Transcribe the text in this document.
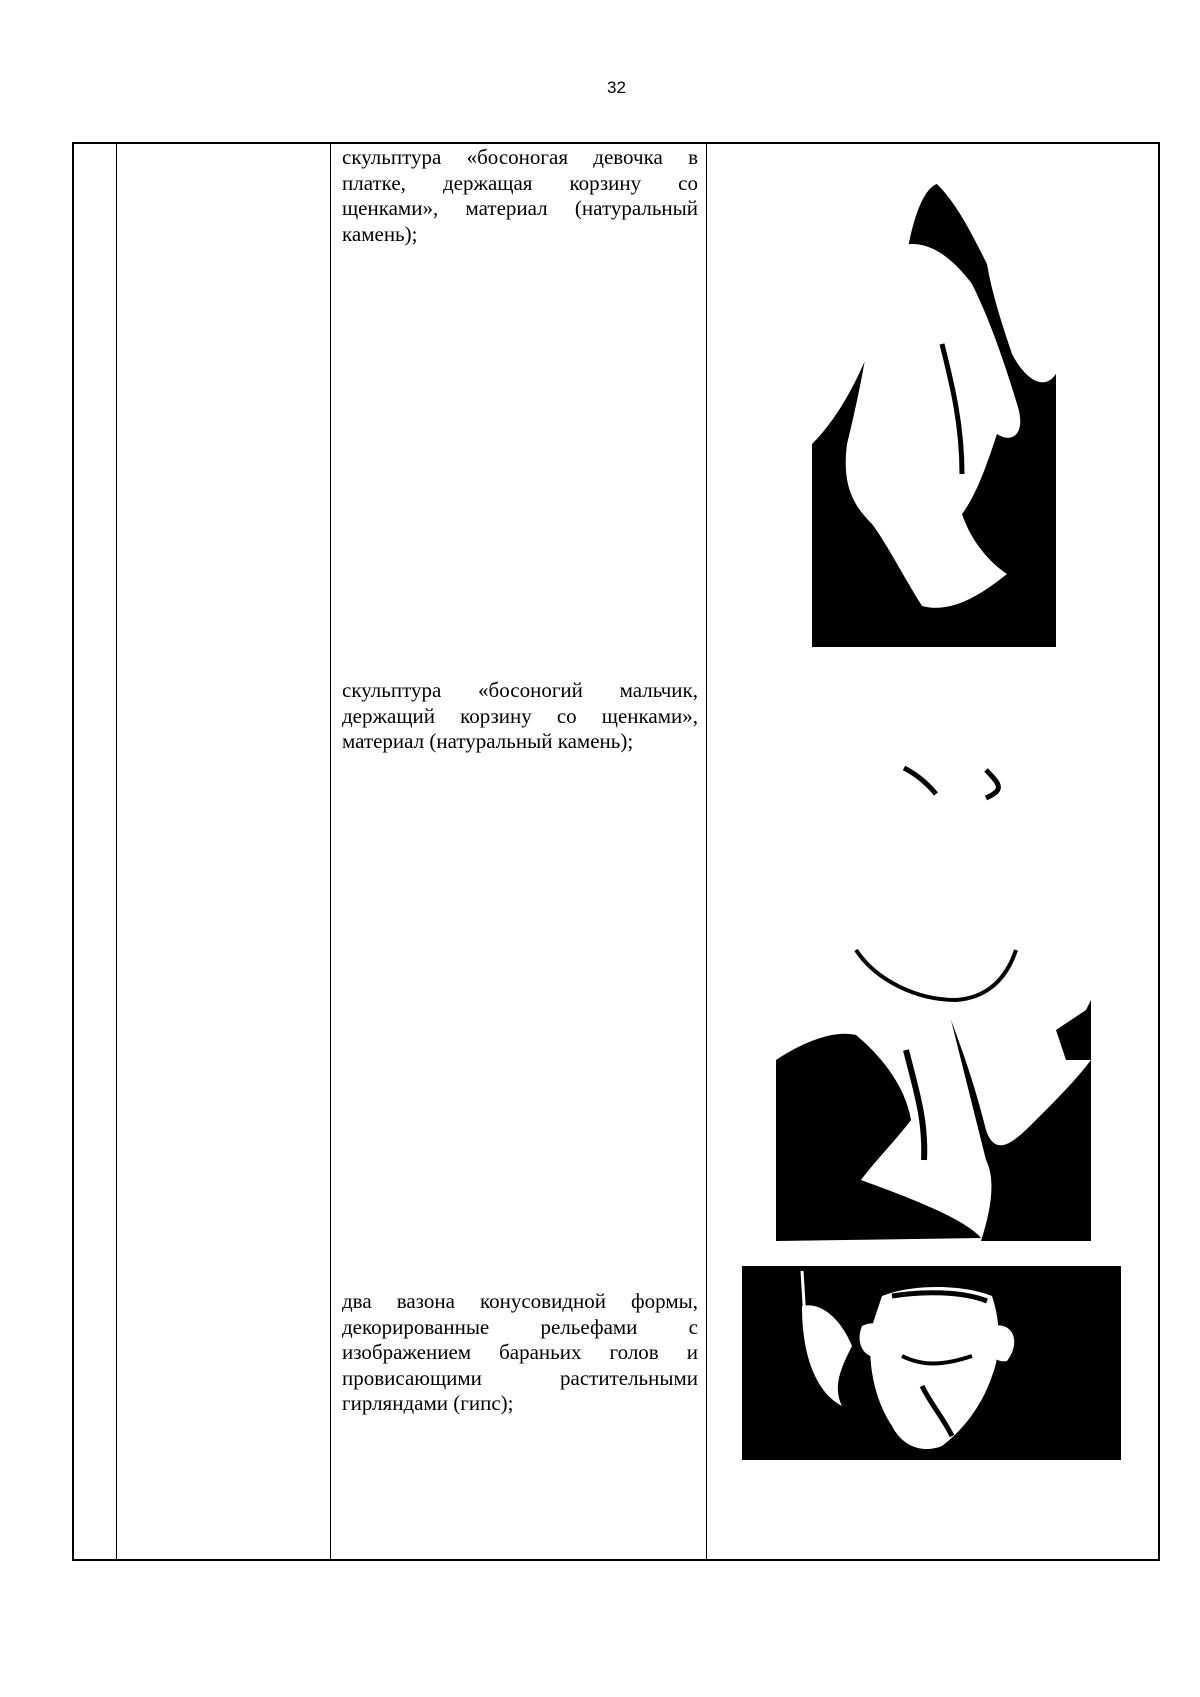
32
скульптура «босоногая девочка в платке, держащая корзину со щенками», материал (натуральный камень);
скульптура «босоногий мальчик, держащий корзину со щенками», материал (натуральный камень);
два вазона конусовидной формы, декорированные рельефами с изображением бараньих голов и провисающими растительными гирляндами (гипс);
